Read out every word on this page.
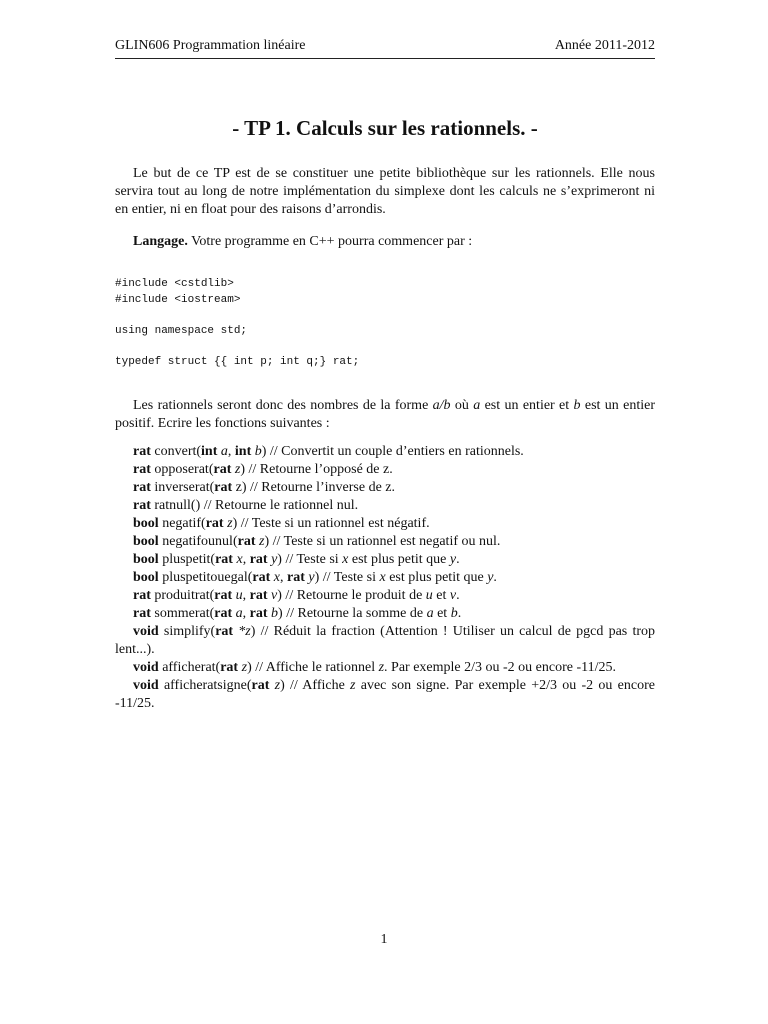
GLIN606 Programmation linéaire	Année 2011-2012
- TP 1. Calculs sur les rationnels. -
Le but de ce TP est de se constituer une petite bibliothèque sur les rationnels. Elle nous servira tout au long de notre implémentation du simplexe dont les calculs ne s’exprimeront ni en entier, ni en float pour des raisons d’arrondis.
Langage. Votre programme en C++ pourra commencer par :
#include <cstdlib>
#include <iostream>
using namespace std;
typedef struct {{ int p; int q;} rat;
Les rationnels seront donc des nombres de la forme a/b où a est un entier et b est un entier positif. Ecrire les fonctions suivantes :
rat convert(int a, int b) // Convertit un couple d’entiers en rationnels.
rat opposerat(rat z) // Retourne l’opposé de z.
rat inverserat(rat z) // Retourne l’inverse de z.
rat ratnull() // Retourne le rationnel nul.
bool negatif(rat z) // Teste si un rationnel est négatif.
bool negatifounul(rat z) // Teste si un rationnel est negatif ou nul.
bool pluspetit(rat x, rat y) // Teste si x est plus petit que y.
bool pluspetitouegal(rat x, rat y) // Teste si x est plus petit que y.
rat produitrat(rat u, rat v) // Retourne le produit de u et v.
rat sommerat(rat a, rat b) // Retourne la somme de a et b.
void simplify(rat *z) // Réduit la fraction (Attention ! Utiliser un calcul de pgcd pas trop lent...).
void afficherat(rat z) // Affiche le rationnel z. Par exemple 2/3 ou -2 ou encore -11/25.
void afficheratsigne(rat z) // Affiche z avec son signe. Par exemple +2/3 ou -2 ou encore -11/25.
1
